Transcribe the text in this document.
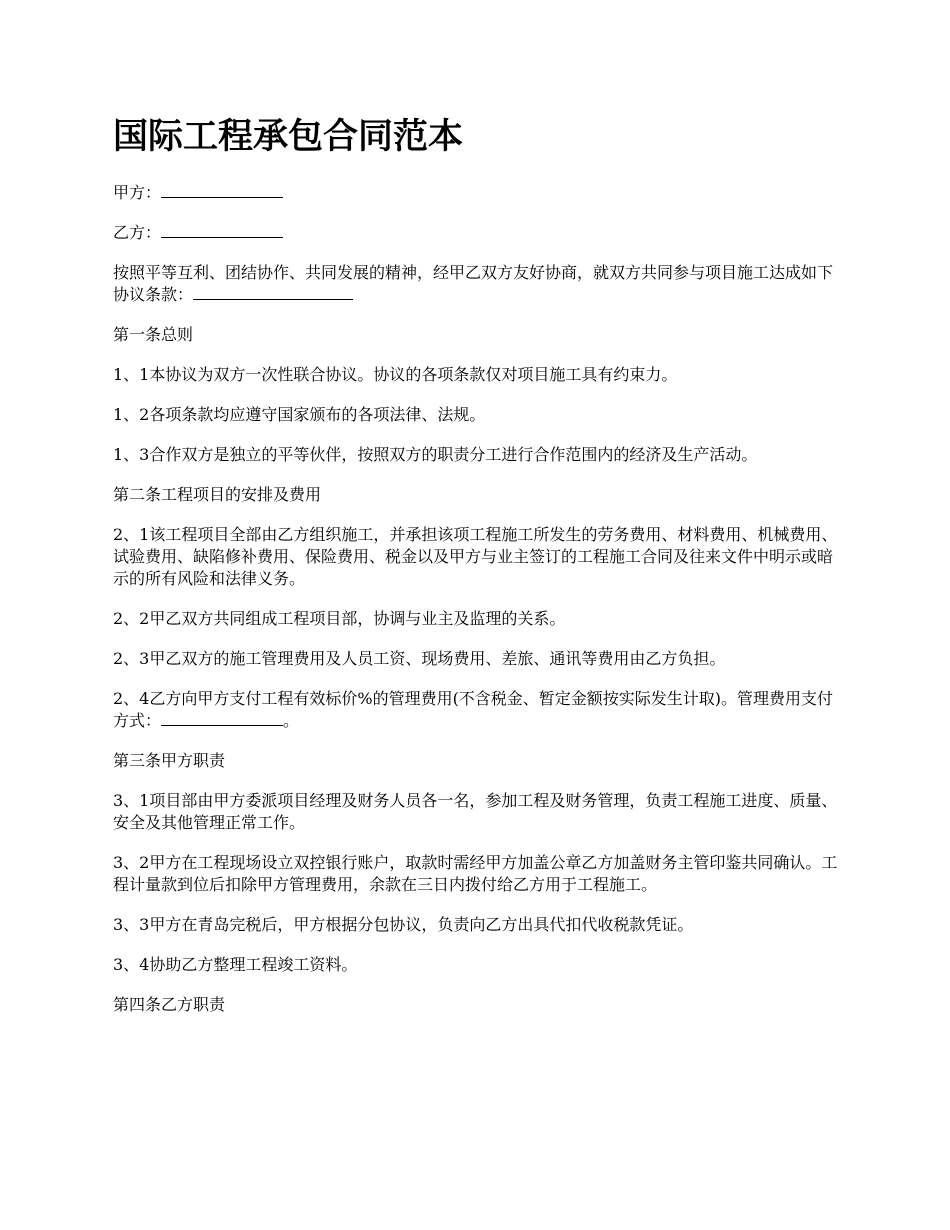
国际工程承包合同范本

甲方：

乙方：

按照平等互利、团结协作、共同发展的精神，经甲乙双方友好协商，就双方共同参与项目施工达成如下协议条款：

第一条总则

1、1本协议为双方一次性联合协议。协议的各项条款仅对项目施工具有约束力。

1、2各项条款均应遵守国家颁布的各项法律、法规。

1、3合作双方是独立的平等伙伴，按照双方的职责分工进行合作范围内的经济及生产活动。

第二条工程项目的安排及费用

2、1该工程项目全部由乙方组织施工，并承担该项工程施工所发生的劳务费用、材料费用、机械费用、试验费用、缺陷修补费用、保险费用、税金以及甲方与业主签订的工程施工合同及往来文件中明示或暗示的所有风险和法律义务。

2、2甲乙双方共同组成工程项目部，协调与业主及监理的关系。

2、3甲乙双方的施工管理费用及人员工资、现场费用、差旅、通讯等费用由乙方负担。

2、4乙方向甲方支付工程有效标价%的管理费用(不含税金、暂定金额按实际发生计取)。管理费用支付方式：	。

第三条甲方职责

3、1项目部由甲方委派项目经理及财务人员各一名，参加工程及财务管理，负责工程施工进度、质量、安全及其他管理正常工作。

3、2甲方在工程现场设立双控银行账户，取款时需经甲方加盖公章乙方加盖财务主管印鉴共同确认。工程计量款到位后扣除甲方管理费用，余款在三日内拨付给乙方用于工程施工。

3、3甲方在青岛完税后，甲方根据分包协议，负责向乙方出具代扣代收税款凭证。

3、4协助乙方整理工程竣工资料。

第四条乙方职责
